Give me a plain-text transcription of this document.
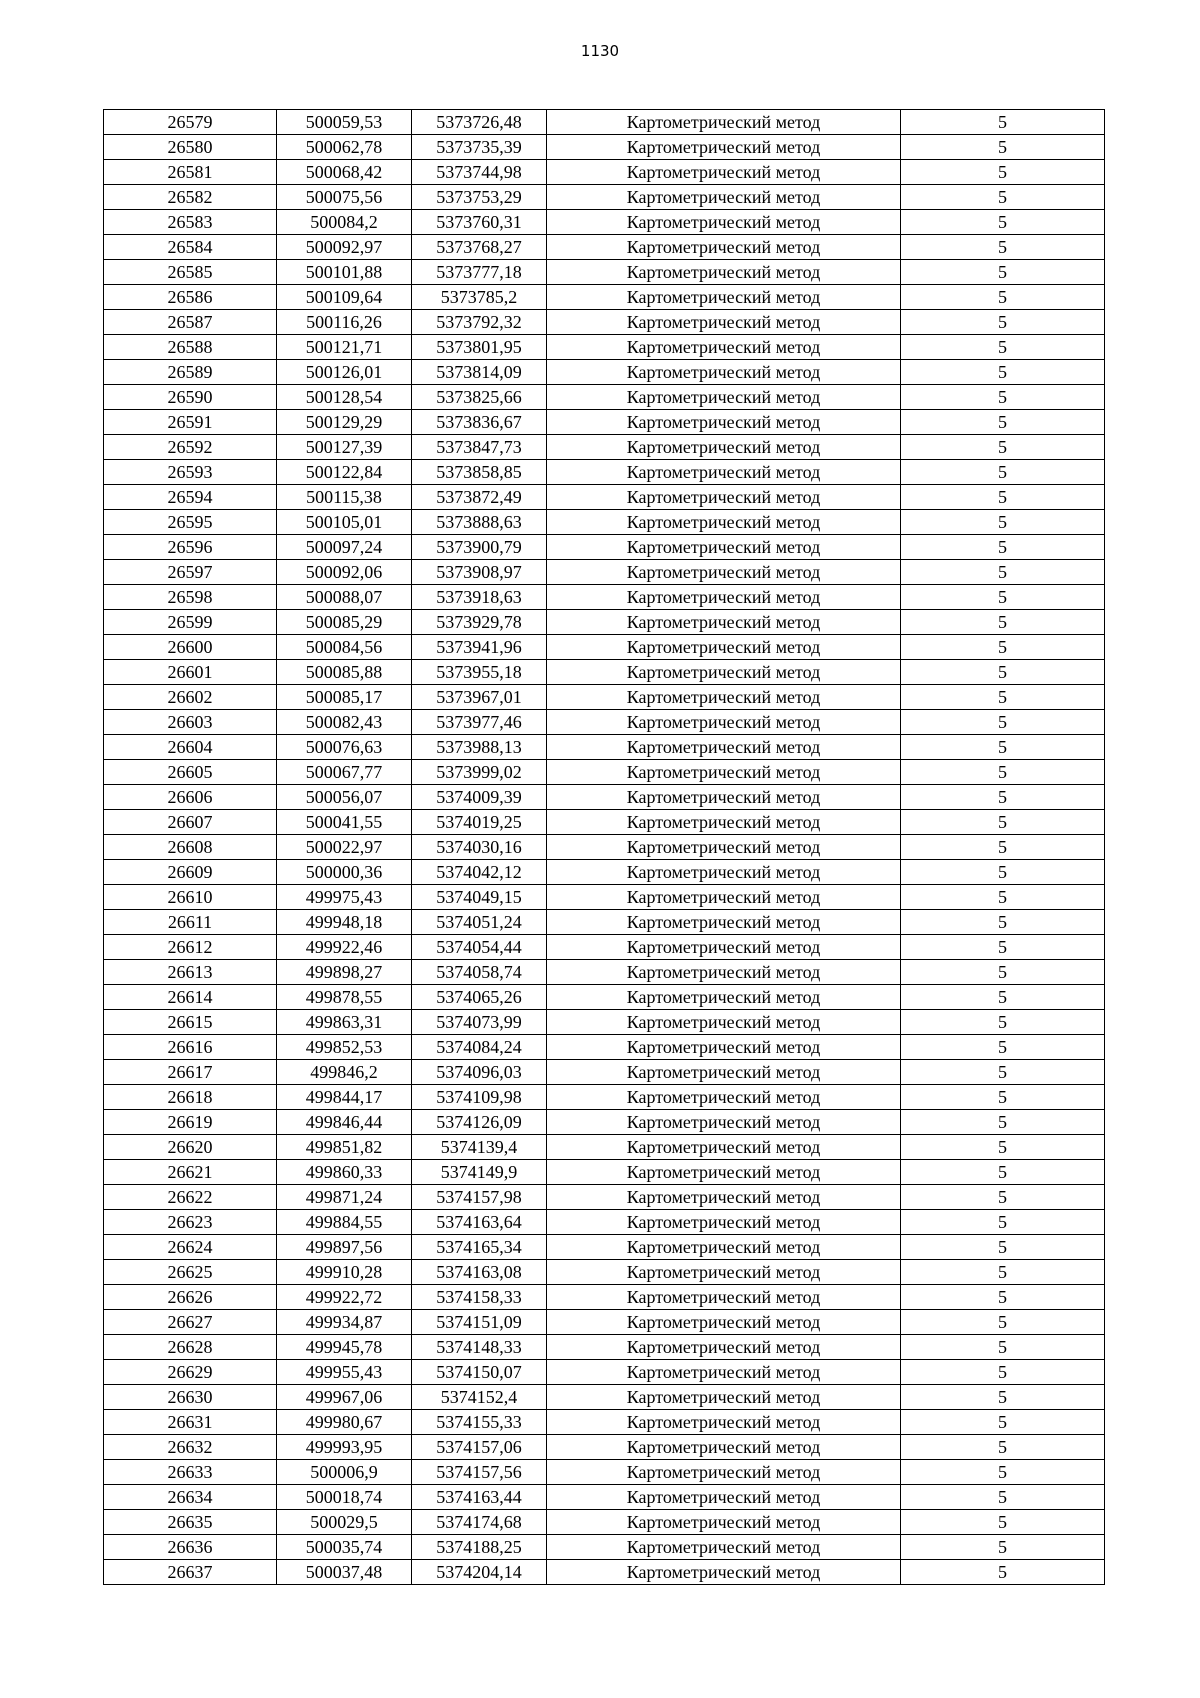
1130
26579	500059,53	5373726,48	Картометрический метод	5
26580	500062,78	5373735,39	Картометрический метод	5
26581	500068,42	5373744,98	Картометрический метод	5
26582	500075,56	5373753,29	Картометрический метод	5
26583	500084,2	5373760,31	Картометрический метод	5
26584	500092,97	5373768,27	Картометрический метод	5
26585	500101,88	5373777,18	Картометрический метод	5
26586	500109,64	5373785,2	Картометрический метод	5
26587	500116,26	5373792,32	Картометрический метод	5
26588	500121,71	5373801,95	Картометрический метод	5
26589	500126,01	5373814,09	Картометрический метод	5
26590	500128,54	5373825,66	Картометрический метод	5
26591	500129,29	5373836,67	Картометрический метод	5
26592	500127,39	5373847,73	Картометрический метод	5
26593	500122,84	5373858,85	Картометрический метод	5
26594	500115,38	5373872,49	Картометрический метод	5
26595	500105,01	5373888,63	Картометрический метод	5
26596	500097,24	5373900,79	Картометрический метод	5
26597	500092,06	5373908,97	Картометрический метод	5
26598	500088,07	5373918,63	Картометрический метод	5
26599	500085,29	5373929,78	Картометрический метод	5
26600	500084,56	5373941,96	Картометрический метод	5
26601	500085,88	5373955,18	Картометрический метод	5
26602	500085,17	5373967,01	Картометрический метод	5
26603	500082,43	5373977,46	Картометрический метод	5
26604	500076,63	5373988,13	Картометрический метод	5
26605	500067,77	5373999,02	Картометрический метод	5
26606	500056,07	5374009,39	Картометрический метод	5
26607	500041,55	5374019,25	Картометрический метод	5
26608	500022,97	5374030,16	Картометрический метод	5
26609	500000,36	5374042,12	Картометрический метод	5
26610	499975,43	5374049,15	Картометрический метод	5
26611	499948,18	5374051,24	Картометрический метод	5
26612	499922,46	5374054,44	Картометрический метод	5
26613	499898,27	5374058,74	Картометрический метод	5
26614	499878,55	5374065,26	Картометрический метод	5
26615	499863,31	5374073,99	Картометрический метод	5
26616	499852,53	5374084,24	Картометрический метод	5
26617	499846,2	5374096,03	Картометрический метод	5
26618	499844,17	5374109,98	Картометрический метод	5
26619	499846,44	5374126,09	Картометрический метод	5
26620	499851,82	5374139,4	Картометрический метод	5
26621	499860,33	5374149,9	Картометрический метод	5
26622	499871,24	5374157,98	Картометрический метод	5
26623	499884,55	5374163,64	Картометрический метод	5
26624	499897,56	5374165,34	Картометрический метод	5
26625	499910,28	5374163,08	Картометрический метод	5
26626	499922,72	5374158,33	Картометрический метод	5
26627	499934,87	5374151,09	Картометрический метод	5
26628	499945,78	5374148,33	Картометрический метод	5
26629	499955,43	5374150,07	Картометрический метод	5
26630	499967,06	5374152,4	Картометрический метод	5
26631	499980,67	5374155,33	Картометрический метод	5
26632	499993,95	5374157,06	Картометрический метод	5
26633	500006,9	5374157,56	Картометрический метод	5
26634	500018,74	5374163,44	Картометрический метод	5
26635	500029,5	5374174,68	Картометрический метод	5
26636	500035,74	5374188,25	Картометрический метод	5
26637	500037,48	5374204,14	Картометрический метод	5
